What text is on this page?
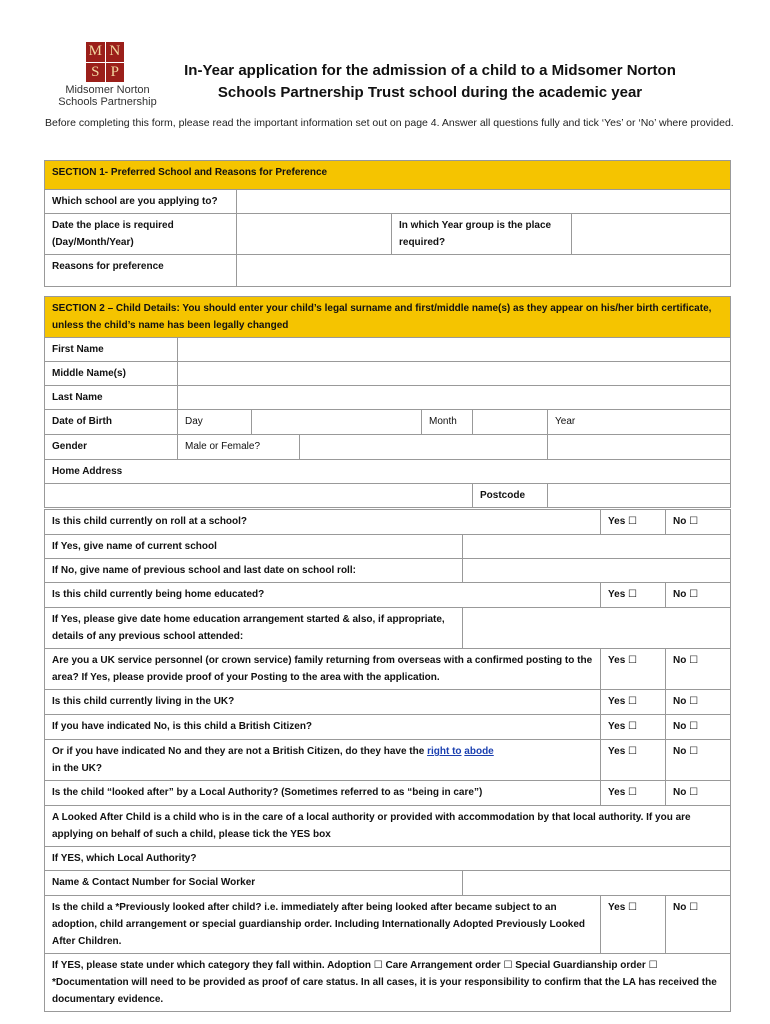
M N
S P
Midsomer Norton
Schools Partnership
In-Year application for the admission of a child to a Midsomer Norton
Schools Partnership Trust school during the academic year
Before completing this form, please read the important information set out on page 4. Answer all questions fully and tick ‘Yes’ or ‘No’ where provided.
SECTION 1- Preferred School and Reasons for Preference			
Which school are you applying to?			
Date the place is required (Day/Month/Year)		In which Year group is the place required?	
Reasons for preference			
SECTION 2 – Child Details: You should enter your child’s legal surname and first/middle name(s) as they appear on his/her birth certificate, unless the child’s name has been legally changed						
First Name						
Middle Name(s)						
Last Name						
Date of Birth	Day			Month		Year
Gender	Male or Female?					
Home Address						
					Postcode	
Is this child currently on roll at a school?		Yes ☐	No ☐
If Yes, give name of current school			
If No, give name of previous school and last date on school roll:			
Is this child currently being home educated?		Yes ☐	No ☐
If Yes, please give date home education arrangement started & also, if appropriate, details of any previous school attended:			
Are you a UK service personnel (or crown service) family returning from overseas with a confirmed posting to the area? If Yes, please provide proof of your Posting to the area with the application.		Yes ☐	No ☐
Is this child currently living in the UK?		Yes ☐	No ☐
If you have indicated No, is this child a British Citizen?		Yes ☐	No ☐
Or if you have indicated No and they are not a British Citizen, do they have the right to abode
in the UK?		Yes ☐	No ☐
Is the child “looked after” by a Local Authority? (Sometimes referred to as “being in care”)		Yes ☐	No ☐
A Looked After Child is a child who is in the care of a local authority or provided with accommodation by that local authority. If you are applying on behalf of such a child, please tick the YES box			
If YES, which Local Authority?			
Name & Contact Number for Social Worker			
Is the child a *Previously looked after child? i.e. immediately after being looked after became subject to an adoption, child arrangement or special guardianship order. Including Internationally Adopted Previously Looked After Children.		Yes ☐	No ☐
If YES, please state under which category they fall within. Adoption ☐ Care Arrangement order ☐ Special Guardianship order ☐ *Documentation will need to be provided as proof of care status. In all cases, it is your responsibility to confirm that the LA has received the documentary evidence.			
